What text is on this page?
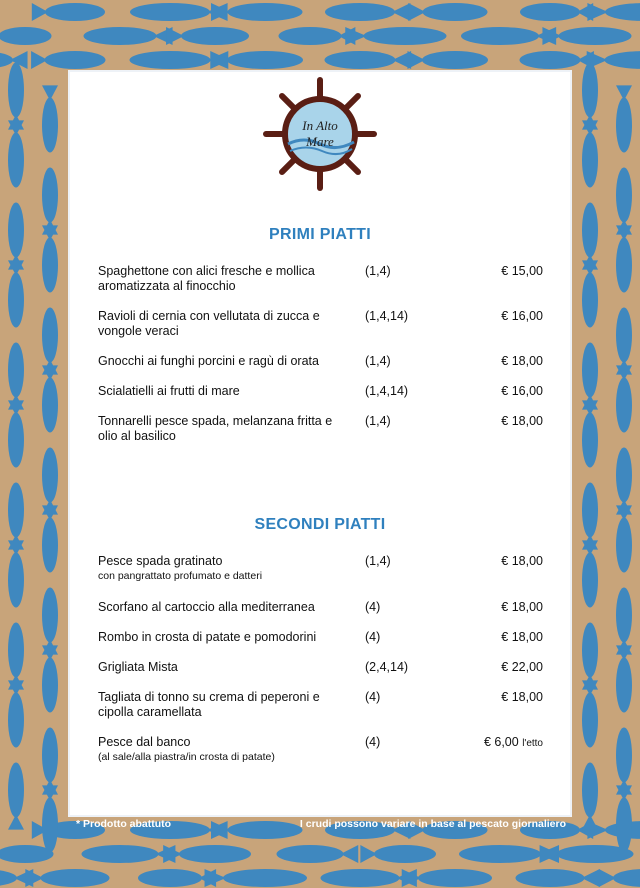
In Alto
Mare
PRIMI PIATTI
Spaghettone con alici fresche e mollica aromatizzata al finocchio
(1,4)	€ 15,00
Ravioli di cernia con vellutata di zucca e vongole veraci
(1,4,14)	€ 16,00
Gnocchi ai funghi porcini e ragù di orata	(1,4)	€ 18,00
Scialatielli ai frutti di mare	(1,4,14)	€ 16,00
Tonnarelli pesce spada, melanzana fritta e olio al basilico
(1,4)	€ 18,00
SECONDI PIATTI
Pesce spada gratinato
con pangrattato profumato e datteri
(1,4)	€ 18,00
Scorfano al cartoccio alla mediterranea	(4)	€ 18,00
Rombo in crosta di patate e pomodorini	(4)	€ 18,00
Grigliata Mista	(2,4,14)	€ 22,00
Tagliata di tonno su crema di peperoni e cipolla caramellata
(4)	€ 18,00
Pesce dal banco
(al sale/alla piastra/in crosta di patate)
(4)	€ 6,00 l'etto
* Prodotto abattuto	I crudi possono variare in base al pescato giornaliero
